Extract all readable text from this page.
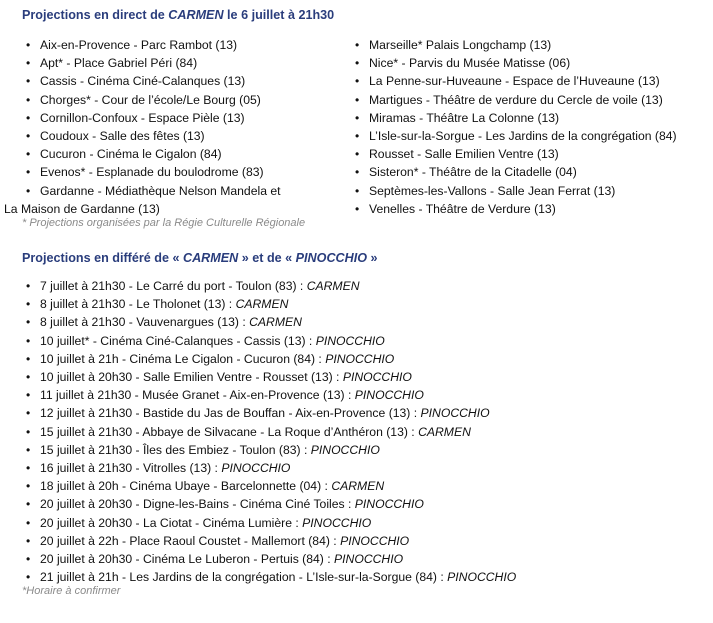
Projections en direct de CARMEN le 6 juillet à 21h30
• Aix-en-Provence - Parc Rambot (13)
• Apt* - Place Gabriel Péri (84)
• Cassis - Cinéma Ciné-Calanques (13)
• Chorges* - Cour de l’école/Le Bourg (05)
• Cornillon-Confoux - Espace Pièle (13)
• Coudoux - Salle des fêtes (13)
• Cucuron - Cinéma le Cigalon (84)
• Evenos* - Esplanade du boulodrome (83)
• Gardanne - Médiathèque Nelson Mandela et
La Maison de Gardanne (13)
• Marseille* Palais Longchamp (13)
• Nice* - Parvis du Musée Matisse (06)
• La Penne-sur-Huveaune - Espace de l’Huveaune (13)
• Martigues - Théâtre de verdure du Cercle de voile (13)
• Miramas - Théâtre La Colonne (13)
• L’Isle-sur-la-Sorgue - Les Jardins de la congrégation (84)
• Rousset - Salle Emilien Ventre (13)
• Sisteron* - Théâtre de la Citadelle (04)
• Septèmes-les-Vallons - Salle Jean Ferrat (13)
• Venelles - Théâtre de Verdure (13)
* Projections organisées par la Régie Culturelle Régionale
Projections en différé de « CARMEN » et de « PINOCCHIO »
• 7 juillet à 21h30 - Le Carré du port - Toulon (83) : CARMEN
• 8 juillet à 21h30 - Le Tholonet (13) : CARMEN
• 8 juillet à 21h30 - Vauvenargues (13) : CARMEN
• 10 juillet* - Cinéma Ciné-Calanques - Cassis (13) : PINOCCHIO
• 10 juillet à 21h - Cinéma Le Cigalon - Cucuron (84) : PINOCCHIO
• 10 juillet à 20h30 - Salle Emilien Ventre - Rousset (13) : PINOCCHIO
• 11 juillet à 21h30 - Musée Granet - Aix-en-Provence (13) : PINOCCHIO
• 12 juillet à 21h30 - Bastide du Jas de Bouffan - Aix-en-Provence (13) : PINOCCHIO
• 15 juillet à 21h30 - Abbaye de Silvacane - La Roque d’Anthéron (13) : CARMEN
• 15 juillet à 21h30 - Îles des Embiez - Toulon (83) : PINOCCHIO
• 16 juillet à 21h30 - Vitrolles (13) : PINOCCHIO
• 18 juillet à 20h - Cinéma Ubaye - Barcelonnette (04) : CARMEN
• 20 juillet à 20h30 - Digne-les-Bains - Cinéma Ciné Toiles : PINOCCHIO
• 20 juillet à 20h30 - La Ciotat - Cinéma Lumière : PINOCCHIO
• 20 juillet à 22h - Place Raoul Coustet - Mallemort (84) : PINOCCHIO
• 20 juillet à 20h30 - Cinéma Le Luberon - Pertuis (84) : PINOCCHIO
• 21 juillet à 21h - Les Jardins de la congrégation - L’Isle-sur-la-Sorgue (84) : PINOCCHIO
*Horaire à confirmer
